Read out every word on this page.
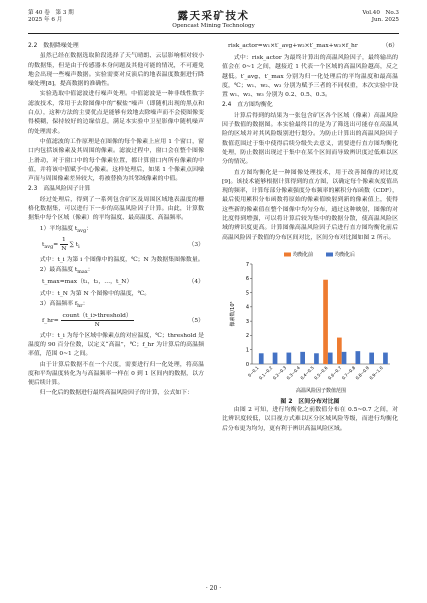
第 40 卷　第 3 期
2025 年 6 月	露天采矿技术
Opencast Mining Technology
Vol.40　No.3
Jun. 2025
2.2　数据降噪处理

虽然已经在数据选取阶段选择了天气晴朗、云层影响相对较小的数据集，但是由于传感器本身问题及其他可能的情况，不可避免地会出现一些噪声数据。实验需要对反演后的地表温度数据进行降噪处理[8]，提高数据的准确性。

实验选取中值滤波进行噪声处理。中值滤波是一种非线性数字滤波技术，常用于去除图像中的“椒盐”噪声（即随机出现的黑点和白点），这种方法的主要优点是能够有效地去除噪声而不会使图像变得模糊，保持较好的边缘信息，满足本实验中卫星影像中随机噪声的处理需求。

中值滤波的工作原理是在图像的每个像素上应用 1 个窗口，窗口内包括该像素及其周围的像素。滤波过程中，窗口会在整个图像上滑动，对于窗口中的每个像素位置，都计算窗口内所有像素的中值，并将该中值赋予中心像素。这样处理后，如果 1 个像素点因噪声而与周围像素差异较大，将被替换为其邻域像素的中值。

2.3　高温风险因子计算

经过处理后，得到了一系列包含矿区及周围区域地表温度的栅格化数据集，可以进行下一步的高温风险因子计算。由此，计算数据集中每个区域（像素）的平均温度、最高温度、高温频率。

1）平均温度 $t_{avg}$：
$t_{avg}= \frac{1}{N}$ ∑ $t_i$	（3）

式中：t_i 为第 i 个图像中的温度，℃；N 为数据集图像数量。

2）最高温度 $t_{max}$：
t_max=max（t₁，t₂，…，t_N）	（4）

式中：t_N 为第 N 个图像中的温度，℃。

3）高温频率 $f_{hr}$：
f_hr= $\frac{\text{count（t\_i>threshold）}}{N}$	（5）

式中：t_i 为每个区域中像素点的对应温度，℃；threshold 是温度的 90 百分位数，以定义“高温”，℃；f_hr 为计算后的高温频率值，范围 0~1 之间。

由于计算后数据不在一个尺度，需要进行归一化处理，将高温度和平均温度转化为与高温频率一样在 0 到 1 区间内的数据，以方便后续计算。

归一化后的数据进行最终高温风险因子的计算，公式如下：

risk_actor=w₁×t′_avg+w₂×t′_max+w₃×f_hr	（6）

式中：risk_actor 为最终计算出的高温风险因子，最终输出的值会在 0~1 之间，越接近 1 代表一个区域的高温风险越高，反之越低。t′_avg、t′_max 分别为归一化处理后的平均温度和最高温度，℃；w₁、w₂、w₃ 分别为赋予三者的不同权重，本次实验中设置 w₁、w₂、w₃ 分别为 0.2、0.5、0.3。

2.4　直方图均衡化

计算后得到的结果为一张包含矿区各个区域（像素）高温风险因子数值的数据图。本实验最终目的是为了筛选出可能存在高温风险的区域并对其风险级别进行划分。为防止计算出的高温风险因子数值范围过于集中使得后续分级失去意义，需要进行直方图均衡化处理，防止数据出现过于集中在某个区间而导致辨识度过低难以区分的情况。

直方图均衡化是一种图像处理技术，用于改善图像的对比度[9]。该技术能够根据计算得到的直方图，以确定每个像素灰度值出现的频率，计算每部分像素强度分布频率的累积分布函数（CDF），最后使用累积分布函数将原始的像素值映射到新的像素值上，使得这些新的像素值在整个图像中均匀分布，通过这种映射，图像的对比度得到增强，可以将计算后较为集中的数据分散，使高温风险区域的辨识度更高。计算图像高温风险因子后进行直方图均衡化前后高温风险因子数值的分布区间对比，区间分布对比图如图 2 所示。

0
1
2
3
4
5
6
7
0~0.1
0.1~0.2
0.2~0.3
0.3~0.4
0.4~0.5
0.5~0.6
0.6~0.7
0.7~0.8
0.8~0.9
0.9~1.0
均衡化前	均衡化后
像素数/10⁵
高温风险因子数值范围
图 2　区间分布对比图

由图 2 可知，进行均衡化之前数值分布在 0.5~0.7 之间，对比辨识度较低，以目视方式难以区分区域风险等级，而进行均衡化后分布更为均匀，更有利于辨识高温风险区域。

· 20 ·
